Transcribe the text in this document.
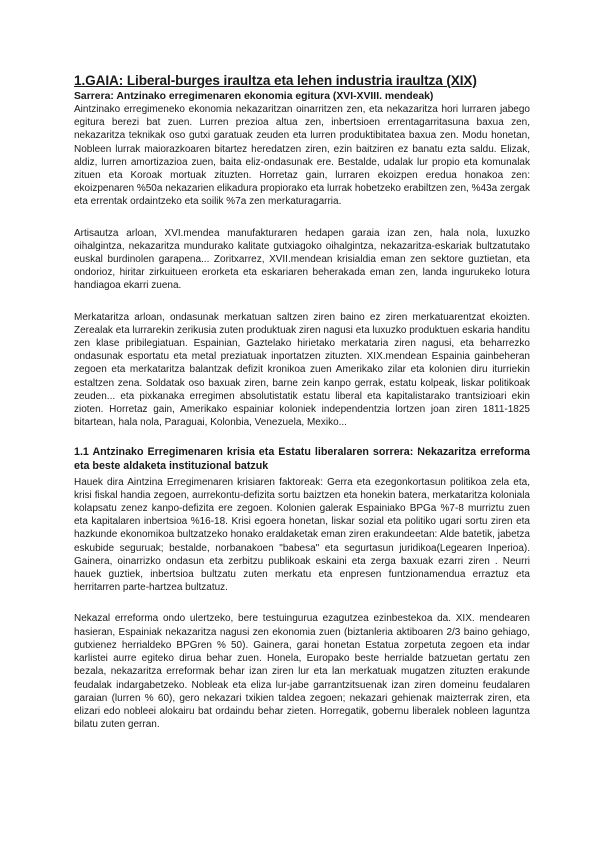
1.GAIA: Liberal-burges iraultza eta lehen industria iraultza (XIX)
Sarrera: Antzinako erregimenaren ekonomia egitura (XVI-XVIII. mendeak)

Aintzinako erregimeneko ekonomia nekazaritzan oinarritzen zen, eta nekazaritza hori lurraren jabego egitura berezi bat zuen. Lurren prezioa altua zen, inbertsioen errentagarritasuna baxua zen, nekazaritza teknikak oso gutxi garatuak zeuden eta lurren produktibitatea baxua zen. Modu honetan, Nobleen lurrak maiorazkoaren bitartez heredatzen ziren, ezin baitziren ez banatu ezta saldu. Elizak, aldiz, lurren amortizazioa zuen, baita eliz-ondasunak ere. Bestalde, udalak lur propio eta komunalak zituen eta Koroak mortuak zituzten. Horretaz gain, lurraren ekoizpen eredua honakoa zen: ekoizpenaren %50a nekazarien elikadura propiorako eta lurrak hobetzeko erabiltzen zen, %43a zergak eta errentak ordaintzeko eta soilik %7a zen merkaturagarria.

Artisautza arloan, XVI.mendea manufakturaren hedapen garaia izan zen, hala nola, luxuzko oihalgintza, nekazaritza mundurako kalitate gutxiagoko oihalgintza, nekazaritza-eskariak bultzatutako euskal burdinolen garapena... Zoritxarrez, XVII.mendean krisialdia eman zen sektore guztietan, eta ondorioz, hiritar zirkuitueen erorketa eta eskariaren beherakada eman zen, landa ingurukeko lotura handiagoa ekarri zuena.

Merkataritza arloan, ondasunak merkatuan saltzen ziren baino ez ziren merkatuarentzat ekoizten. Zerealak eta lurrarekin zerikusia zuten produktuak ziren nagusi eta luxuzko produktuen eskaria handitu zen klase pribilegiatuan. Espainian, Gaztelako hirietako merkataria ziren nagusi, eta beharrezko ondasunak esportatu eta metal preziatuak inportatzen zituzten. XIX.mendean Espainia gainbeheran zegoen eta merkataritza balantzak defizit kronikoa zuen Amerikako zilar eta kolonien diru iturriekin estaltzen zena. Soldatak oso baxuak ziren, barne zein kanpo gerrak, estatu kolpeak, liskar politikoak zeuden... eta pixkanaka erregimen absolutistatik estatu liberal eta kapitalistarako trantsizioari ekin zioten. Horretaz gain, Amerikako espainiar koloniek independentzia lortzen joan ziren 1811-1825 bitartean, hala nola, Paraguai, Kolonbia, Venezuela, Mexiko...

1.1 Antzinako Erregimenaren krisia eta Estatu liberalaren sorrera: Nekazaritza erreforma eta beste aldaketa instituzional batzuk

Hauek dira Aintzina Erregimenaren krisiaren faktoreak: Gerra eta ezegonkortasun politikoa zela eta, krisi fiskal handia zegoen, aurrekontu-defizita sortu baiztzen eta honekin batera, merkataritza koloniala kolapsatu zenez kanpo-defizita ere zegoen. Kolonien galerak Espainiako BPGa %7-8 murriztu zuen eta kapitalaren inbertsioa %16-18. Krisi egoera honetan, liskar sozial eta politiko ugari sortu ziren eta hazkunde ekonomikoa bultzatzeko honako eraldaketak eman ziren erakundeetan: Alde batetik, jabetza eskubide seguruak; bestalde, norbanakoen "babesa" eta segurtasun juridikoa(Legearen Inperioa). Gainera, oinarrizko ondasun eta zerbitzu publikoak eskaini eta zerga baxuak ezarri ziren . Neurri hauek guztiek, inbertsioa bultzatu zuten merkatu eta enpresen funtzionamendua erraztuz eta herritarren parte-hartzea bultzatuz.

Nekazal erreforma ondo ulertzeko, bere testuingurua ezagutzea ezinbestekoa da. XIX. mendearen hasieran, Espainiak nekazaritza nagusi zen ekonomia zuen (biztanleria aktiboaren 2/3 baino gehiago, gutxienez herrialdeko BPGren % 50). Gainera, garai honetan Estatua zorpetuta zegoen eta indar karlistei aurre egiteko dirua behar zuen. Honela, Europako beste herrialde batzuetan gertatu zen bezala, nekazaritza erreformak behar izan ziren lur eta lan merkatuak mugatzen zituzten erakunde feudalak indargabetzeko. Nobleak eta eliza lur-jabe garrantzitsuenak izan ziren domeinu feudalaren garaian (lurren % 60), gero nekazari txikien taldea zegoen; nekazari gehienak maizterrak ziren, eta elizari edo nobleei alokairu bat ordaindu behar zieten. Horregatik, gobernu liberalek nobleen laguntza bilatu zuten gerran.
